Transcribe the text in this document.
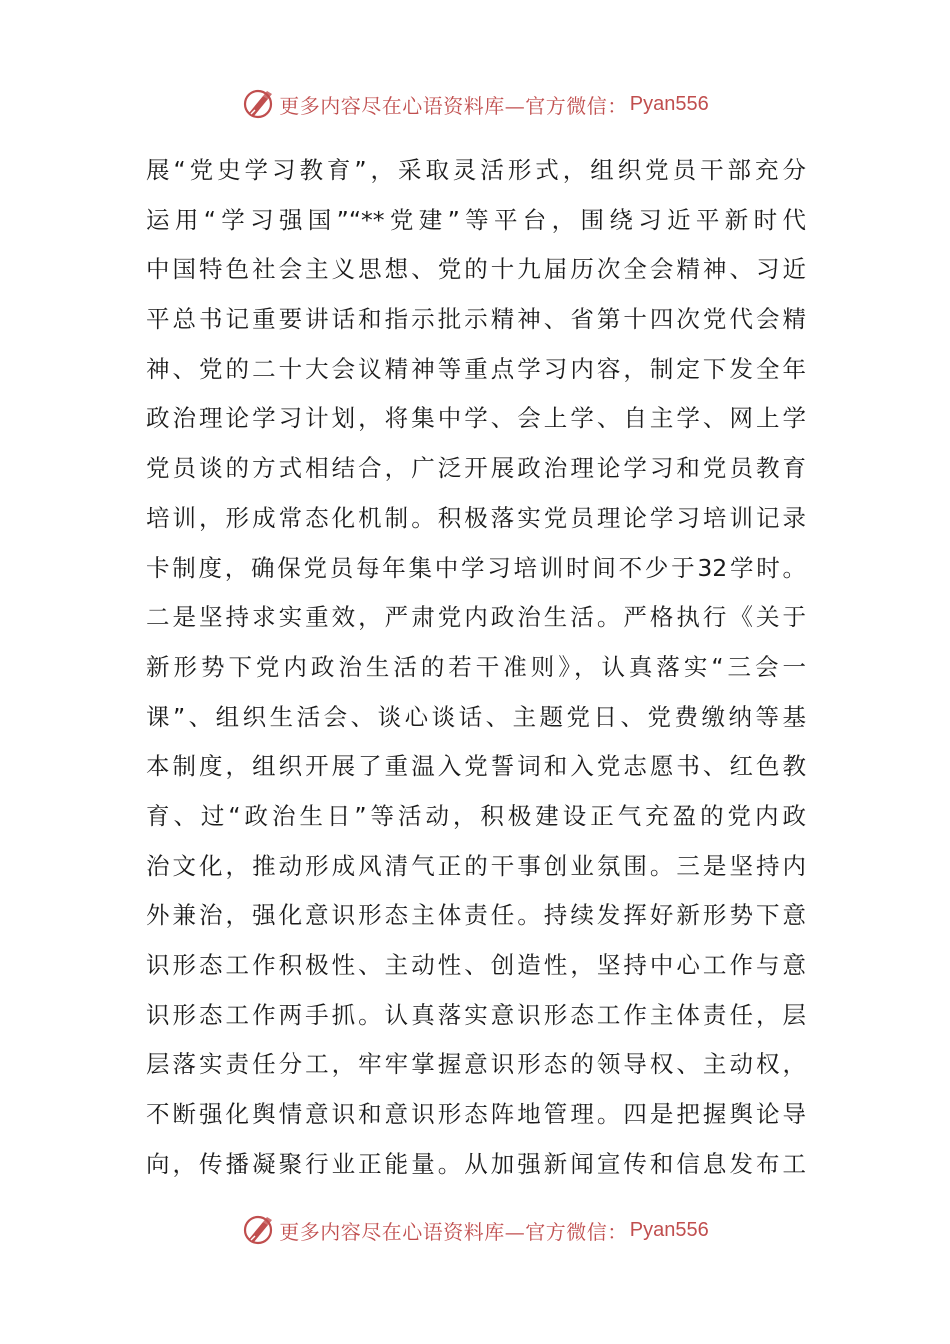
更多内容尽在心语资料库—官方微信： Pyan556
展“党史学习教育”，采取灵活形式，组织党员干部充分
运用“学习强国”“**党建”等平台，围绕习近平新时代
中国特色社会主义思想、党的十九届历次全会精神、习近
平总书记重要讲话和指示批示精神、省第十四次党代会精
神、党的二十大会议精神等重点学习内容，制定下发全年
政治理论学习计划，将集中学、会上学、自主学、网上学
党员谈的方式相结合，广泛开展政治理论学习和党员教育
培训，形成常态化机制。积极落实党员理论学习培训记录
卡制度，确保党员每年集中学习培训时间不少于32学时。
二是坚持求实重效，严肃党内政治生活。严格执行《关于
新形势下党内政治生活的若干准则》，认真落实“三会一
课”、组织生活会、谈心谈话、主题党日、党费缴纳等基
本制度，组织开展了重温入党誓词和入党志愿书、红色教
育、过“政治生日”等活动，积极建设正气充盈的党内政
治文化，推动形成风清气正的干事创业氛围。三是坚持内
外兼治，强化意识形态主体责任。持续发挥好新形势下意
识形态工作积极性、主动性、创造性，坚持中心工作与意
识形态工作两手抓。认真落实意识形态工作主体责任，层
层落实责任分工，牢牢掌握意识形态的领导权、主动权，
不断强化舆情意识和意识形态阵地管理。四是把握舆论导
向，传播凝聚行业正能量。从加强新闻宣传和信息发布工
更多内容尽在心语资料库—官方微信： Pyan556
